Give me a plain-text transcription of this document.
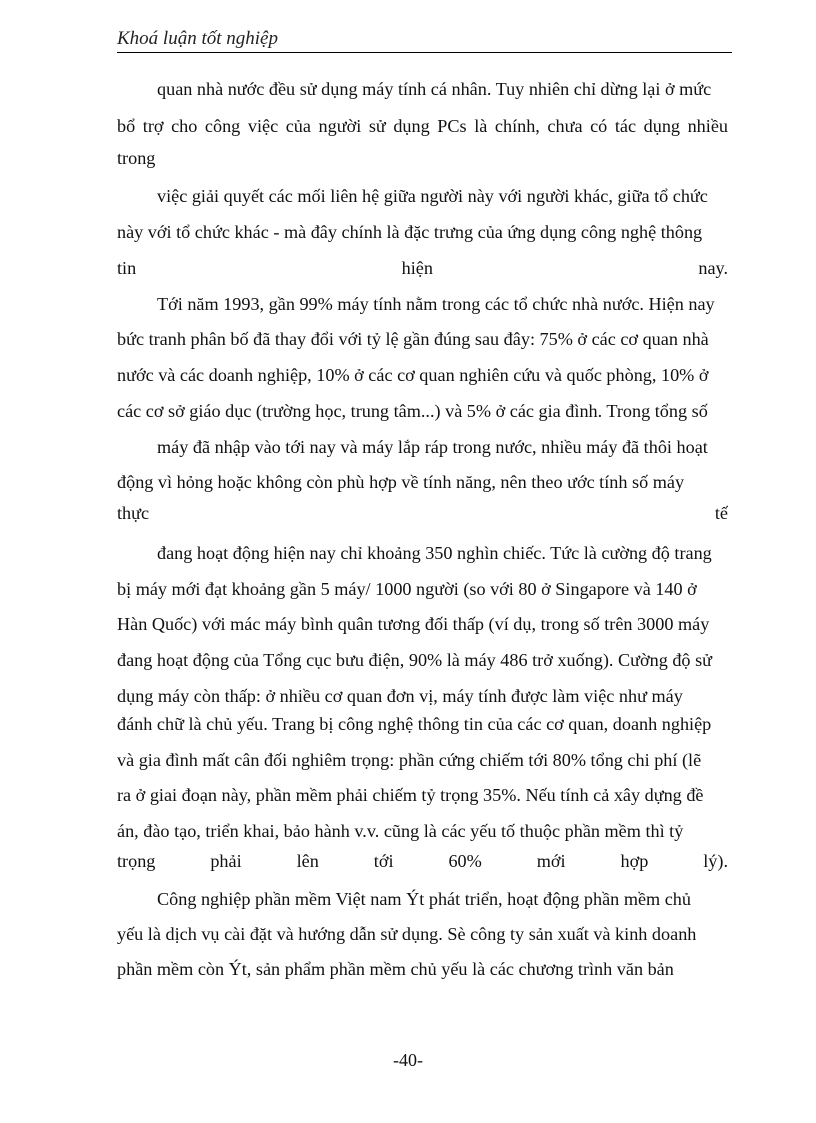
Khoá luận tốt nghiệp
quan nhà nước đều sử dụng máy tính cá nhân. Tuy nhiên chỉ dừng lại ở mức
bổ trợ cho công việc của người sử dụng PCs là chính, chưa có tác dụng nhiều
trong
việc giải quyết các mối liên hệ giữa người này với người khác, giữa tổ chức
này với tổ chức khác - mà đây chính là đặc trưng của ứng dụng công nghệ thông
tin hiện nay.
Tới năm 1993, gần 99% máy tính nằm trong các tổ chức nhà nước. Hiện nay
bức tranh phân bố đã thay đổi với tỷ lệ gần đúng sau đây: 75% ở các cơ quan nhà
nước và các doanh nghiệp, 10% ở các cơ quan nghiên cứu và quốc phòng, 10% ở
các cơ sở giáo dục (trường học, trung tâm...) và 5% ở các gia đình. Trong tổng số
máy đã nhập vào tới nay và máy lắp ráp trong nước, nhiều máy đã thôi hoạt
động vì hỏng hoặc không còn phù hợp về tính năng, nên theo ước tính số máy
thực tế
đang hoạt động hiện nay chỉ khoảng 350 nghìn chiếc. Tức là cường độ trang
bị máy mới đạt khoảng gần 5 máy/ 1000 người (so với 80 ở Singapore và 140 ở
Hàn Quốc) với mác máy bình quân tương đối thấp (ví dụ, trong số trên 3000 máy
đang hoạt động của Tổng cục bưu điện, 90% là máy 486 trở xuống). Cường độ sử
dụng máy còn thấp: ở nhiều cơ quan đơn vị, máy tính được làm việc như máy
đánh chữ là chủ yếu. Trang bị công nghệ thông tin của các cơ quan, doanh nghiệp
và gia đình mất cân đối nghiêm trọng: phần cứng chiếm tới 80% tổng chi phí (lẽ
ra ở giai đoạn này, phần mềm phải chiếm tỷ trọng 35%. Nếu tính cả xây dựng đề
án, đào tạo, triển khai, bảo hành v.v. cũng là các yếu tố thuộc phần mềm thì tỷ
trọng phải lên tới 60% mới hợp lý).
Công nghiệp phần mềm Việt nam Ýt phát triển, hoạt động phần mềm chủ
yếu là dịch vụ cài đặt và hướng dẫn sử dụng. Sè công ty sản xuất và kinh doanh
phần mềm còn Ýt, sản phẩm phần mềm chủ yếu là các chương trình văn bản
-40-
